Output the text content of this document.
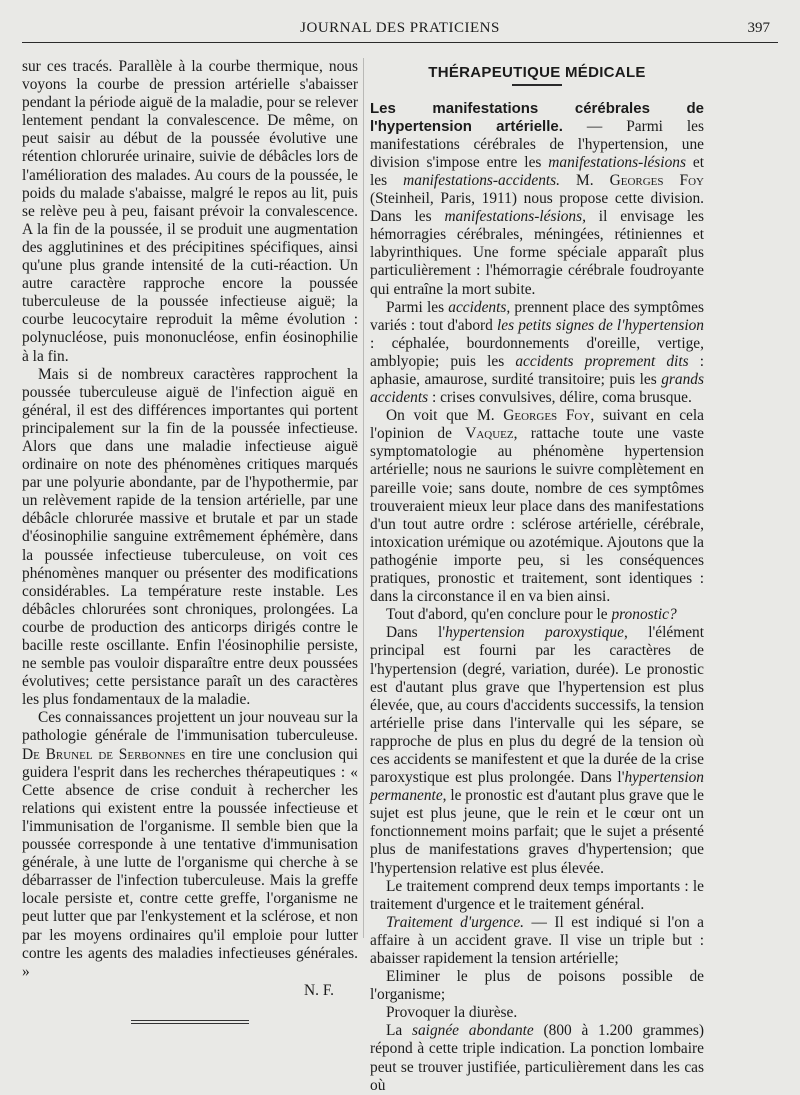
JOURNAL DES PRATICIENS	397

sur ces tracés. Parallèle à la courbe thermique, nous voyons la courbe de pression artérielle s'abaisser pendant la période aiguë de la maladie, pour se relever lentement pendant la convalescence. De même, on peut saisir au début de la poussée évolutive une rétention chlorurée urinaire, suivie de débâcles lors de l'amélioration des malades. Au cours de la poussée, le poids du malade s'abaisse, malgré le repos au lit, puis se relève peu à peu, faisant prévoir la convalescence. A la fin de la poussée, il se produit une augmentation des agglutinines et des précipitines spécifiques, ainsi qu'une plus grande intensité de la cuti-réaction. Un autre caractère rapproche encore la poussée tuberculeuse de la poussée infectieuse aiguë; la courbe leucocytaire reproduit la même évolution : polynucléose, puis mononucléose, enfin éosinophilie à la fin.

Mais si de nombreux caractères rapprochent la poussée tuberculeuse aiguë de l'infection aiguë en général, il est des différences importantes qui portent principalement sur la fin de la poussée infectieuse. Alors que dans une maladie infectieuse aiguë ordinaire on note des phénomènes critiques marqués par une polyurie abondante, par de l'hypothermie, par un relèvement rapide de la tension artérielle, par une débâcle chlorurée massive et brutale et par un stade d'éosinophilie sanguine extrêmement éphémère, dans la poussée infectieuse tuberculeuse, on voit ces phénomènes manquer ou présenter des modifications considérables. La température reste instable. Les débâcles chlorurées sont chroniques, prolongées. La courbe de production des anticorps dirigés contre le bacille reste oscillante. Enfin l'éosinophilie persiste, ne semble pas vouloir disparaître entre deux poussées évolutives; cette persistance paraît un des caractères les plus fondamentaux de la maladie.

Ces connaissances projettent un jour nouveau sur la pathologie générale de l'immunisation tuberculeuse. De Brunel de Serbonnes en tire une conclusion qui guidera l'esprit dans les recherches thérapeutiques : « Cette absence de crise conduit à rechercher les relations qui existent entre la poussée infectieuse et l'immunisation de l'organisme. Il semble bien que la poussée corresponde à une tentative d'immunisation générale, à une lutte de l'organisme qui cherche à se débarrasser de l'infection tuberculeuse. Mais la greffe locale persiste et, contre cette greffe, l'organisme ne peut lutter que par l'enkystement et la sclérose, et non par les moyens ordinaires qu'il emploie pour lutter contre les agents des maladies infectieuses générales. »

N. F.
THÉRAPEUTIQUE MÉDICALE

Les manifestations cérébrales de l'hypertension artérielle. — Parmi les manifestations cérébrales de l'hypertension, une division s'impose entre les manifestations-lésions et les manifestations-accidents. M. Georges Foy (Steinheil, Paris, 1911) nous propose cette division. Dans les manifestations-lésions, il envisage les hémorragies cérébrales, méningées, rétiniennes et labyrinthiques. Une forme spéciale apparaît plus particulièrement : l'hémorragie cérébrale foudroyante qui entraîne la mort subite.

Parmi les accidents, prennent place des symptômes variés : tout d'abord les petits signes de l'hypertension : céphalée, bourdonnements d'oreille, vertige, amblyopie; puis les accidents proprement dits : aphasie, amaurose, surdité transitoire; puis les grands accidents : crises convulsives, délire, coma brusque.

On voit que M. Georges Foy, suivant en cela l'opinion de Vaquez, rattache toute une vaste symptomatologie au phénomène hypertension artérielle; nous ne saurions le suivre complètement en pareille voie; sans doute, nombre de ces symptômes trouveraient mieux leur place dans des manifestations d'un tout autre ordre : sclérose artérielle, cérébrale, intoxication urémique ou azotémique. Ajoutons que la pathogénie importe peu, si les conséquences pratiques, pronostic et traitement, sont identiques : dans la circonstance il en va bien ainsi.

Tout d'abord, qu'en conclure pour le pronostic?

Dans l'hypertension paroxystique, l'élément principal est fourni par les caractères de l'hypertension (degré, variation, durée). Le pronostic est d'autant plus grave que l'hypertension est plus élevée, que, au cours d'accidents successifs, la tension artérielle prise dans l'intervalle qui les sépare, se rapproche de plus en plus du degré de la tension où ces accidents se manifestent et que la durée de la crise paroxystique est plus prolongée. Dans l'hypertension permanente, le pronostic est d'autant plus grave que le sujet est plus jeune, que le rein et le cœur ont un fonctionnement moins parfait; que le sujet a présenté plus de manifestations graves d'hypertension; que l'hypertension relative est plus élevée.

Le traitement comprend deux temps importants : le traitement d'urgence et le traitement général.

Traitement d'urgence. — Il est indiqué si l'on a affaire à un accident grave. Il vise un triple but : abaisser rapidement la tension artérielle;

Eliminer le plus de poisons possible de l'organisme;

Provoquer la diurèse.

La saignée abondante (800 à 1.200 grammes) répond à cette triple indication. La ponction lombaire peut se trouver justifiée, particulièrement dans les cas où
